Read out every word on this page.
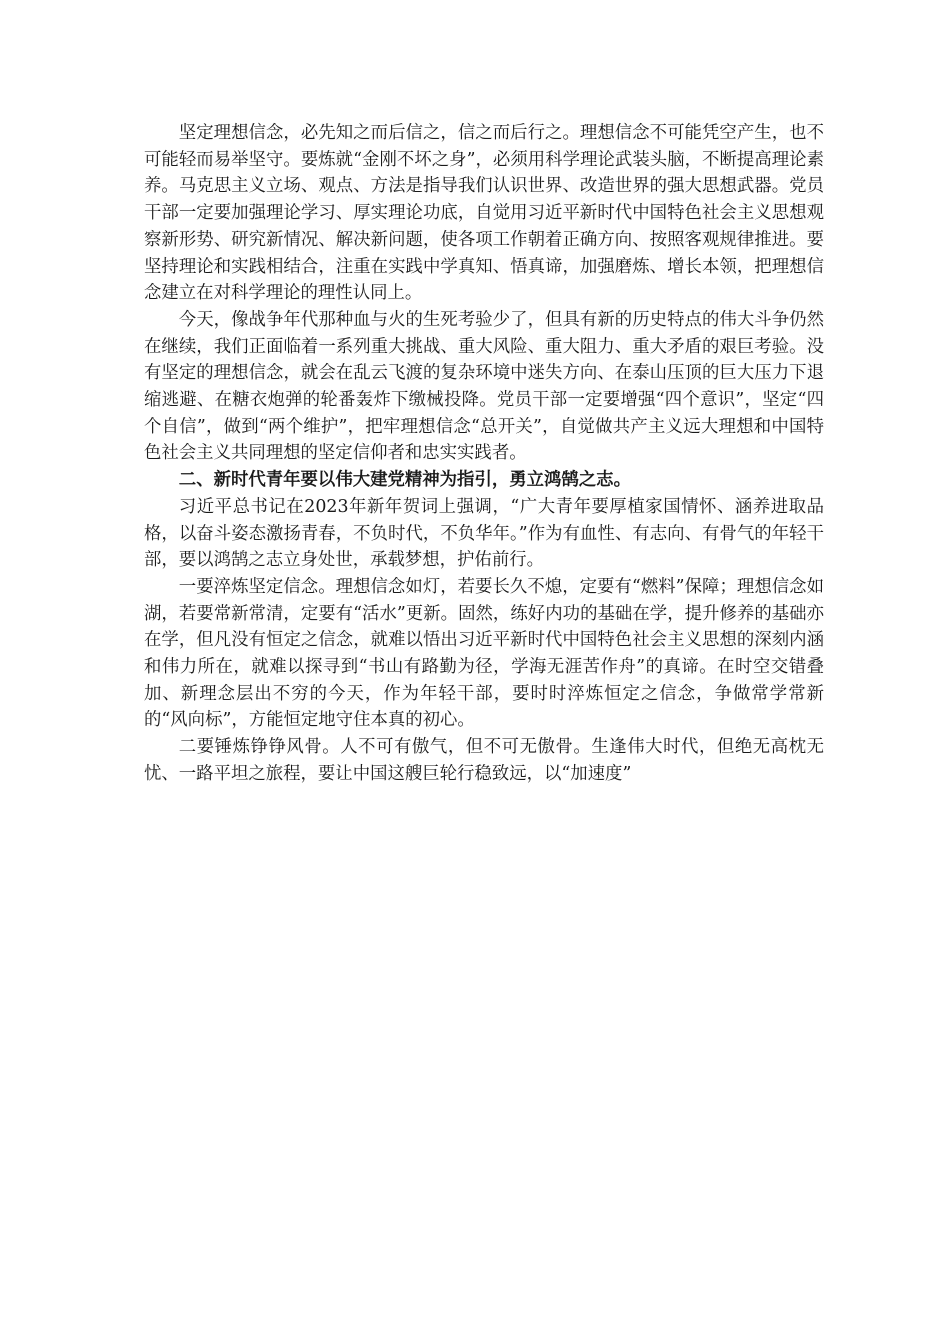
坚定理想信念，必先知之而后信之，信之而后行之。理想信念不可能凭空产生，也不可能轻而易举坚守。要炼就“金刚不坏之身”，必须用科学理论武装头脑，不断提高理论素养。马克思主义立场、观点、方法是指导我们认识世界、改造世界的强大思想武器。党员干部一定要加强理论学习、厚实理论功底，自觉用习近平新时代中国特色社会主义思想观察新形势、研究新情况、解决新问题，使各项工作朝着正确方向、按照客观规律推进。要坚持理论和实践相结合，注重在实践中学真知、悟真谛，加强磨炼、增长本领，把理想信念建立在对科学理论的理性认同上。

今天，像战争年代那种血与火的生死考验少了，但具有新的历史特点的伟大斗争仍然在继续，我们正面临着一系列重大挑战、重大风险、重大阻力、重大矛盾的艰巨考验。没有坚定的理想信念，就会在乱云飞渡的复杂环境中迷失方向、在泰山压顶的巨大压力下退缩逃避、在糖衣炮弹的轮番轰炸下缴械投降。党员干部一定要增强“四个意识”，坚定“四个自信”，做到“两个维护”，把牢理想信念“总开关”，自觉做共产主义远大理想和中国特色社会主义共同理想的坚定信仰者和忠实实践者。

二、新时代青年要以伟大建党精神为指引，勇立鸿鹄之志。

习近平总书记在2023年新年贺词上强调，“广大青年要厚植家国情怀、涵养进取品格，以奋斗姿态激扬青春，不负时代，不负华年。”作为有血性、有志向、有骨气的年轻干部，要以鸿鹄之志立身处世，承载梦想，护佑前行。

一要淬炼坚定信念。理想信念如灯，若要长久不熄，定要有“燃料”保障；理想信念如湖，若要常新常清，定要有“活水”更新。固然，练好内功的基础在学，提升修养的基础亦在学，但凡没有恒定之信念，就难以悟出习近平新时代中国特色社会主义思想的深刻内涵和伟力所在，就难以探寻到“书山有路勤为径，学海无涯苦作舟”的真谛。在时空交错叠加、新理念层出不穷的今天，作为年轻干部，要时时淬炼恒定之信念，争做常学常新的“风向标”，方能恒定地守住本真的初心。

二要锤炼铮铮风骨。人不可有傲气，但不可无傲骨。生逢伟大时代，但绝无高枕无忧、一路平坦之旅程，要让中国这艘巨轮行稳致远，以“加速度”
